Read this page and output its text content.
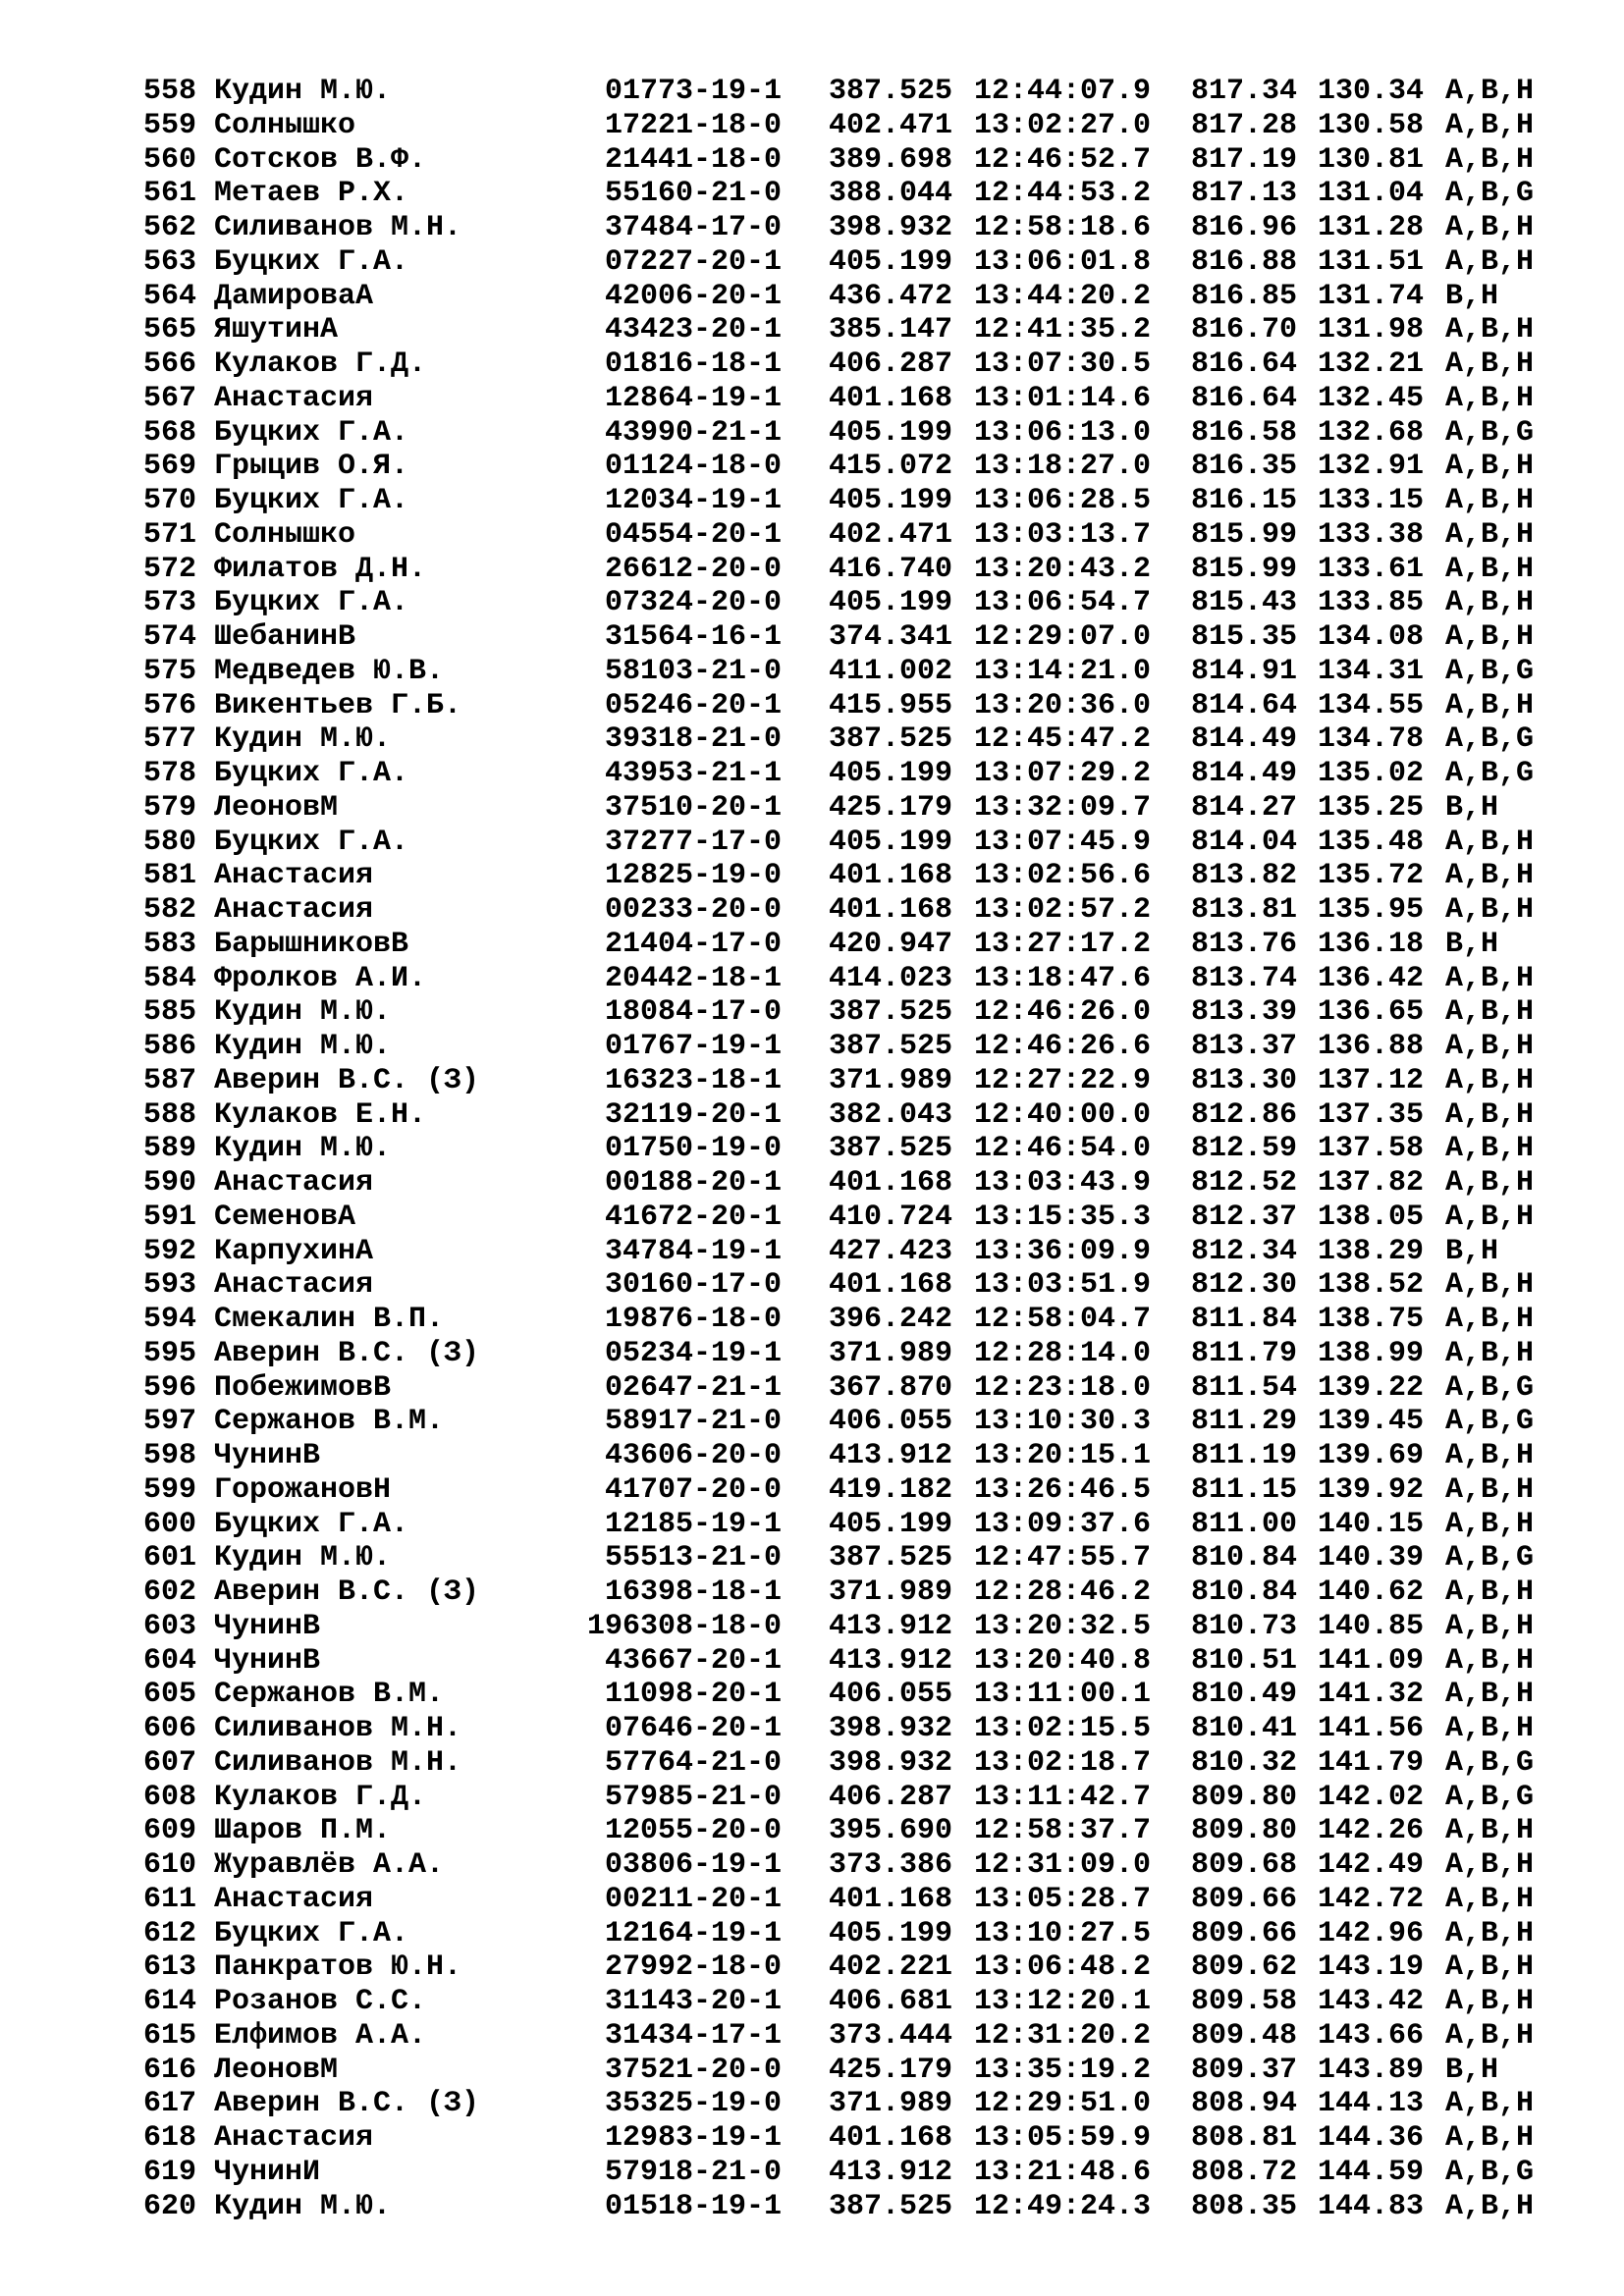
558 Кудин М.Ю.	01773-19-1 387.525 12:44:07.9 817.34 130.34 A,B,H
559 Солнышко	17221-18-0 402.471 13:02:27.0 817.28 130.58 A,B,H
560 Сотсков В.Ф.	21441-18-0 389.698 12:46:52.7 817.19 130.81 A,B,H
561 Метаев Р.Х.	55160-21-0 388.044 12:44:53.2 817.13 131.04 A,B,G
562 Силиванов М.Н.	37484-17-0 398.932 12:58:18.6 816.96 131.28 A,B,H
563 Буцких Г.А.	07227-20-1 405.199 13:06:01.8 816.88 131.51 A,B,H
564 ДамироваA	42006-20-1 436.472 13:44:20.2 816.85 131.74 B,H
565 ЯшутинА	43423-20-1 385.147 12:41:35.2 816.70 131.98 A,B,H
566 Кулаков Г.Д.	01816-18-1 406.287 13:07:30.5 816.64 132.21 A,B,H
567 Анастасия	12864-19-1 401.168 13:01:14.6 816.64 132.45 A,B,H
568 Буцких Г.А.	43990-21-1 405.199 13:06:13.0 816.58 132.68 A,B,G
569 Грыцив О.Я.	01124-18-0 415.072 13:18:27.0 816.35 132.91 A,B,H
570 Буцких Г.А.	12034-19-1 405.199 13:06:28.5 816.15 133.15 A,B,H
571 Солнышко	04554-20-1 402.471 13:03:13.7 815.99 133.38 A,B,H
572 Филатов Д.Н.	26612-20-0 416.740 13:20:43.2 815.99 133.61 A,B,H
573 Буцких Г.А.	07324-20-0 405.199 13:06:54.7 815.43 133.85 A,B,H
574 ШебанинВ	31564-16-1 374.341 12:29:07.0 815.35 134.08 A,B,H
575 Медведев Ю.В.	58103-21-0 411.002 13:14:21.0 814.91 134.31 A,B,G
576 Викентьев Г.Б.	05246-20-1 415.955 13:20:36.0 814.64 134.55 A,B,H
577 Кудин М.Ю.	39318-21-0 387.525 12:45:47.2 814.49 134.78 A,B,G
578 Буцких Г.А.	43953-21-1 405.199 13:07:29.2 814.49 135.02 A,B,G
579 ЛеоновМ	37510-20-1 425.179 13:32:09.7 814.27 135.25 B,H
580 Буцких Г.А.	37277-17-0 405.199 13:07:45.9 814.04 135.48 A,B,H
581 Анастасия	12825-19-0 401.168 13:02:56.6 813.82 135.72 A,B,H
582 Анастасия	00233-20-0 401.168 13:02:57.2 813.81 135.95 A,B,H
583 БарышниковВ	21404-17-0 420.947 13:27:17.2 813.76 136.18 B,H
584 Фролков А.И.	20442-18-1 414.023 13:18:47.6 813.74 136.42 A,B,H
585 Кудин М.Ю.	18084-17-0 387.525 12:46:26.0 813.39 136.65 A,B,H
586 Кудин М.Ю.	01767-19-1 387.525 12:46:26.6 813.37 136.88 A,B,H
587 Аверин В.С. (З)	16323-18-1 371.989 12:27:22.9 813.30 137.12 A,B,H
588 Кулаков Е.Н.	32119-20-1 382.043 12:40:00.0 812.86 137.35 A,B,H
589 Кудин М.Ю.	01750-19-0 387.525 12:46:54.0 812.59 137.58 A,B,H
590 Анастасия	00188-20-1 401.168 13:03:43.9 812.52 137.82 A,B,H
591 СеменовА	41672-20-1 410.724 13:15:35.3 812.37 138.05 A,B,H
592 КарпухинА	34784-19-1 427.423 13:36:09.9 812.34 138.29 B,H
593 Анастасия	30160-17-0 401.168 13:03:51.9 812.30 138.52 A,B,H
594 Смекалин В.П.	19876-18-0 396.242 12:58:04.7 811.84 138.75 A,B,H
595 Аверин В.С. (З)	05234-19-1 371.989 12:28:14.0 811.79 138.99 A,B,H
596 ПобежимовВ	02647-21-1 367.870 12:23:18.0 811.54 139.22 A,B,G
597 Сержанов В.М.	58917-21-0 406.055 13:10:30.3 811.29 139.45 A,B,G
598 ЧунинВ	43606-20-0 413.912 13:20:15.1 811.19 139.69 A,B,H
599 ГорожановН	41707-20-0 419.182 13:26:46.5 811.15 139.92 A,B,H
600 Буцких Г.А.	12185-19-1 405.199 13:09:37.6 811.00 140.15 A,B,H
601 Кудин М.Ю.	55513-21-0 387.525 12:47:55.7 810.84 140.39 A,B,G
602 Аверин В.С. (З)	16398-18-1 371.989 12:28:46.2 810.84 140.62 A,B,H
603 ЧунинВ	196308-18-0 413.912 13:20:32.5 810.73 140.85 A,B,H
604 ЧунинВ	43667-20-1 413.912 13:20:40.8 810.51 141.09 A,B,H
605 Сержанов В.М.	11098-20-1 406.055 13:11:00.1 810.49 141.32 A,B,H
606 Силиванов М.Н.	07646-20-1 398.932 13:02:15.5 810.41 141.56 A,B,H
607 Силиванов М.Н.	57764-21-0 398.932 13:02:18.7 810.32 141.79 A,B,G
608 Кулаков Г.Д.	57985-21-0 406.287 13:11:42.7 809.80 142.02 A,B,G
609 Шаров П.М.	12055-20-0 395.690 12:58:37.7 809.80 142.26 A,B,H
610 Журавлёв А.А.	03806-19-1 373.386 12:31:09.0 809.68 142.49 A,B,H
611 Анастасия	00211-20-1 401.168 13:05:28.7 809.66 142.72 A,B,H
612 Буцких Г.А.	12164-19-1 405.199 13:10:27.5 809.66 142.96 A,B,H
613 Панкратов Ю.Н.	27992-18-0 402.221 13:06:48.2 809.62 143.19 A,B,H
614 Розанов С.С.	31143-20-1 406.681 13:12:20.1 809.58 143.42 A,B,H
615 Елфимов А.А.	31434-17-1 373.444 12:31:20.2 809.48 143.66 A,B,H
616 ЛеоновМ	37521-20-0 425.179 13:35:19.2 809.37 143.89 B,H
617 Аверин В.С. (З)	35325-19-0 371.989 12:29:51.0 808.94 144.13 A,B,H
618 Анастасия	12983-19-1 401.168 13:05:59.9 808.81 144.36 A,B,H
619 ЧунинИ	57918-21-0 413.912 13:21:48.6 808.72 144.59 A,B,G
620 Кудин М.Ю.	01518-19-1 387.525 12:49:24.3 808.35 144.83 A,B,H
